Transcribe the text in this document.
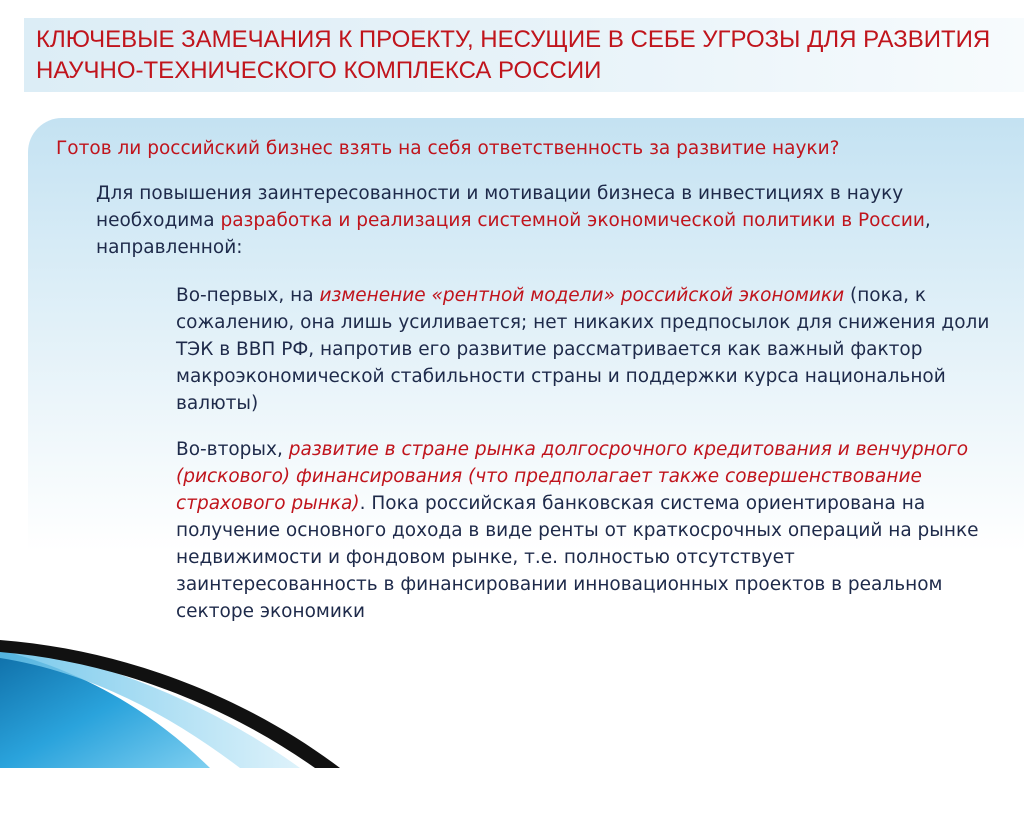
КЛЮЧЕВЫЕ ЗАМЕЧАНИЯ К ПРОЕКТУ, НЕСУЩИЕ В СЕБЕ УГРОЗЫ ДЛЯ РАЗВИТИЯ НАУЧНО-ТЕХНИЧЕСКОГО КОМПЛЕКСА РОССИИ

Готов ли российский бизнес взять на себя ответственность за развитие науки?

Для повышения заинтересованности и мотивации бизнеса в инвестициях в науку необходима разработка и реализация системной экономической политики в России, направленной:

Во-первых, на изменение «рентной модели» российской экономики (пока, к сожалению, она лишь усиливается; нет никаких предпосылок для снижения доли ТЭК в ВВП РФ, напротив его развитие рассматривается как важный фактор макроэкономической стабильности страны и поддержки курса национальной валюты)

Во-вторых, развитие в стране рынка долгосрочного кредитования и венчурного (рискового) финансирования (что предполагает также совершенствование страхового рынка). Пока российская банковская система ориентирована на получение основного дохода в виде ренты от краткосрочных операций на рынке недвижимости и фондовом рынке, т.е. полностью отсутствует заинтересованность в финансировании инновационных проектов в реальном секторе экономики
